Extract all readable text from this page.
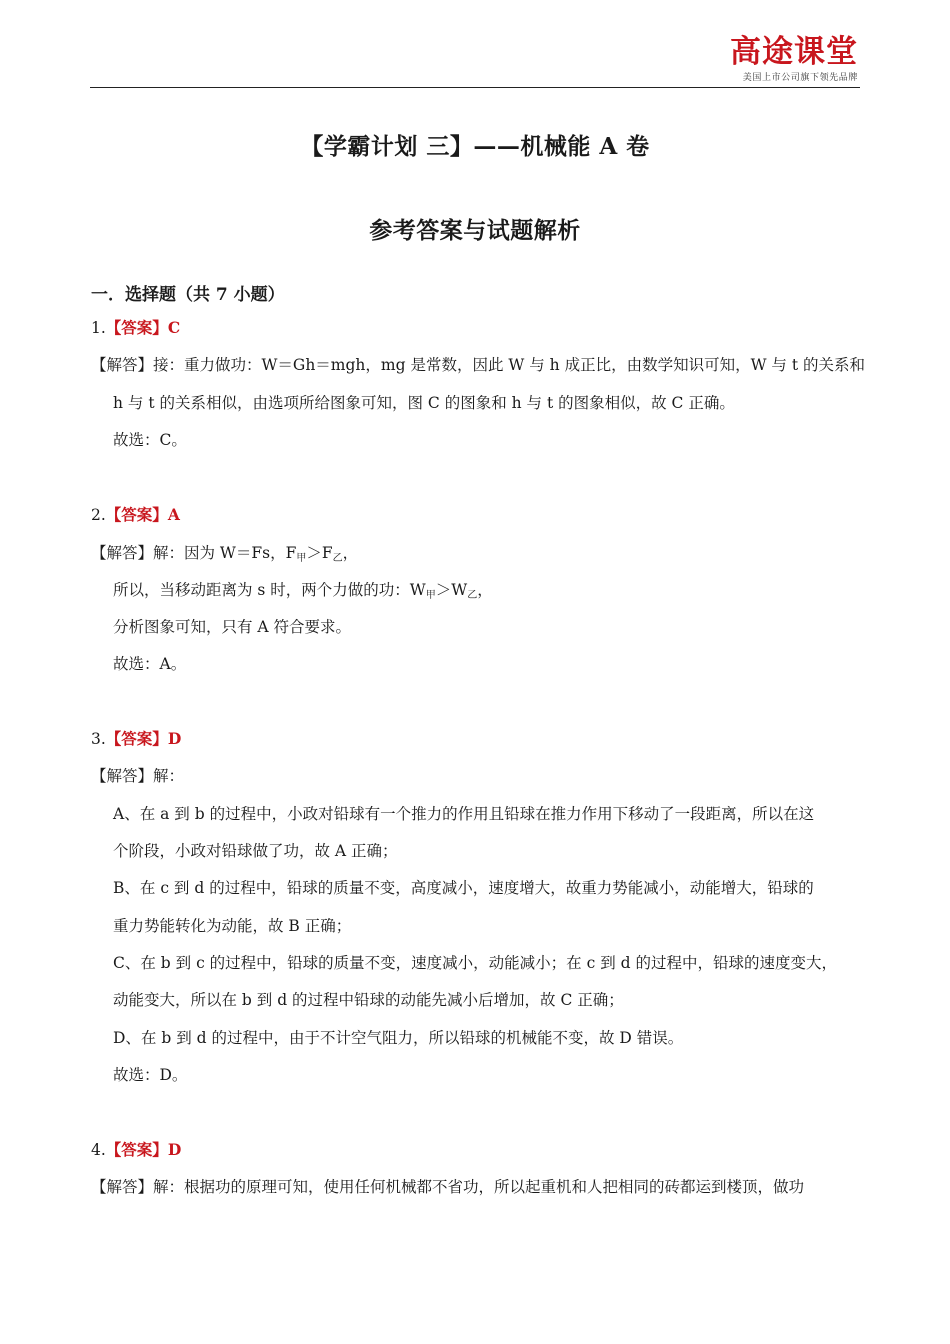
高途课堂
美国上市公司旗下领先品牌
【学霸计划 三】——机械能 A 卷
参考答案与试题解析
一．选择题（共 7 小题）
1.【答案】C
【解答】接：重力做功：W＝Gh＝mgh，mg 是常数，因此 W 与 h 成正比，由数学知识可知，W 与 t 的关系和
h 与 t 的关系相似，由选项所给图象可知，图 C 的图象和 h 与 t 的图象相似，故 C 正确。
故选：C。
2.【答案】A
【解答】解：因为 W＝Fs，$F_甲>F_乙$，
所以，当移动距离为 s 时，两个力做的功：$W_甲>W_乙$，
分析图象可知，只有 A 符合要求。
故选：A。
3.【答案】D
【解答】解：
A、在 a 到 b 的过程中，小政对铅球有一个推力的作用且铅球在推力作用下移动了一段距离，所以在这
个阶段，小政对铅球做了功，故 A 正确；
B、在 c 到 d 的过程中，铅球的质量不变，高度减小，速度增大，故重力势能减小，动能增大，铅球的
重力势能转化为动能，故 B 正确；
C、在 b 到 c 的过程中，铅球的质量不变，速度减小，动能减小；在 c 到 d 的过程中，铅球的速度变大，
动能变大，所以在 b 到 d 的过程中铅球的动能先减小后增加，故 C 正确；
D、在 b 到 d 的过程中，由于不计空气阻力，所以铅球的机械能不变，故 D 错误。
故选：D。
4.【答案】D
【解答】解：根据功的原理可知，使用任何机械都不省功，所以起重机和人把相同的砖都运到楼顶，做功
